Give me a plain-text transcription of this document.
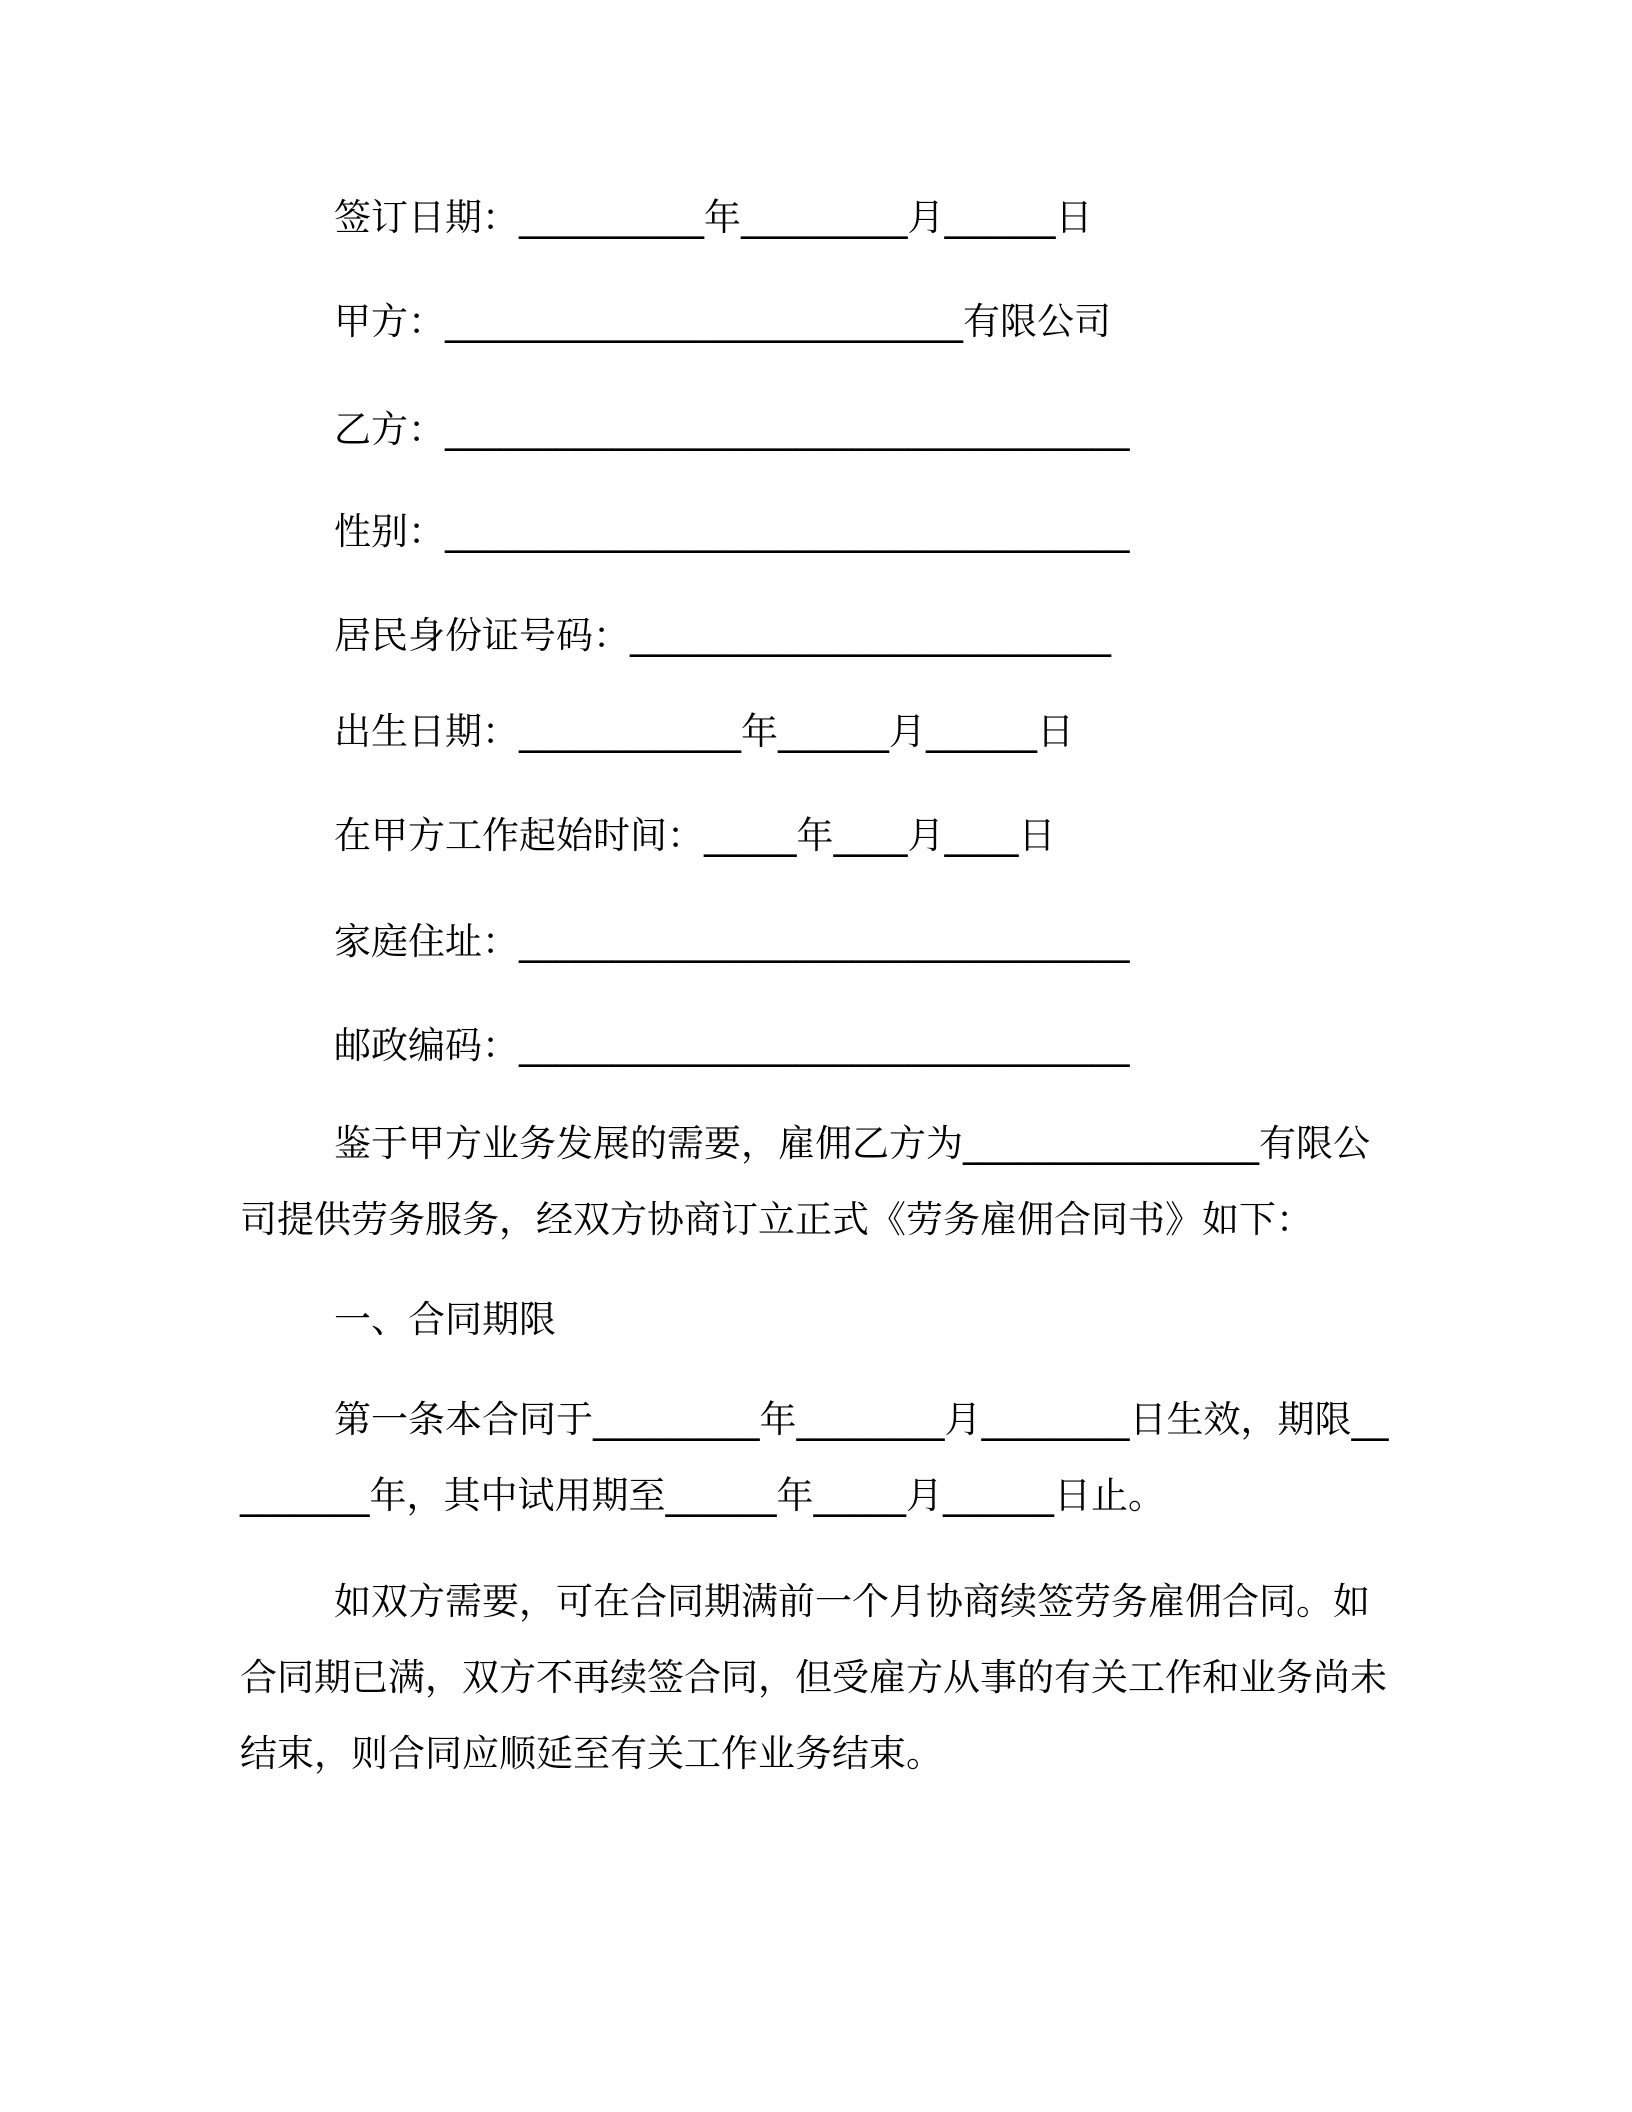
签订日期：__________年_________月______日
甲方：____________________________有限公司
乙方：_____________________________________
性别：_____________________________________
居民身份证号码：__________________________
出生日期：____________年______月______日
在甲方工作起始时间：_____年____月____日
家庭住址：_________________________________
邮政编码：_________________________________
鉴于甲方业务发展的需要，雇佣乙方为________________有限公司提供劳务服务，经双方协商订立正式《劳务雇佣合同书》如下：
一、合同期限
第一条本合同于_________年________月________日生效，期限_________年，其中试用期至______年_____月______日止。
如双方需要，可在合同期满前一个月协商续签劳务雇佣合同。如合同期已满，双方不再续签合同，但受雇方从事的有关工作和业务尚未结束，则合同应顺延至有关工作业务结束。
